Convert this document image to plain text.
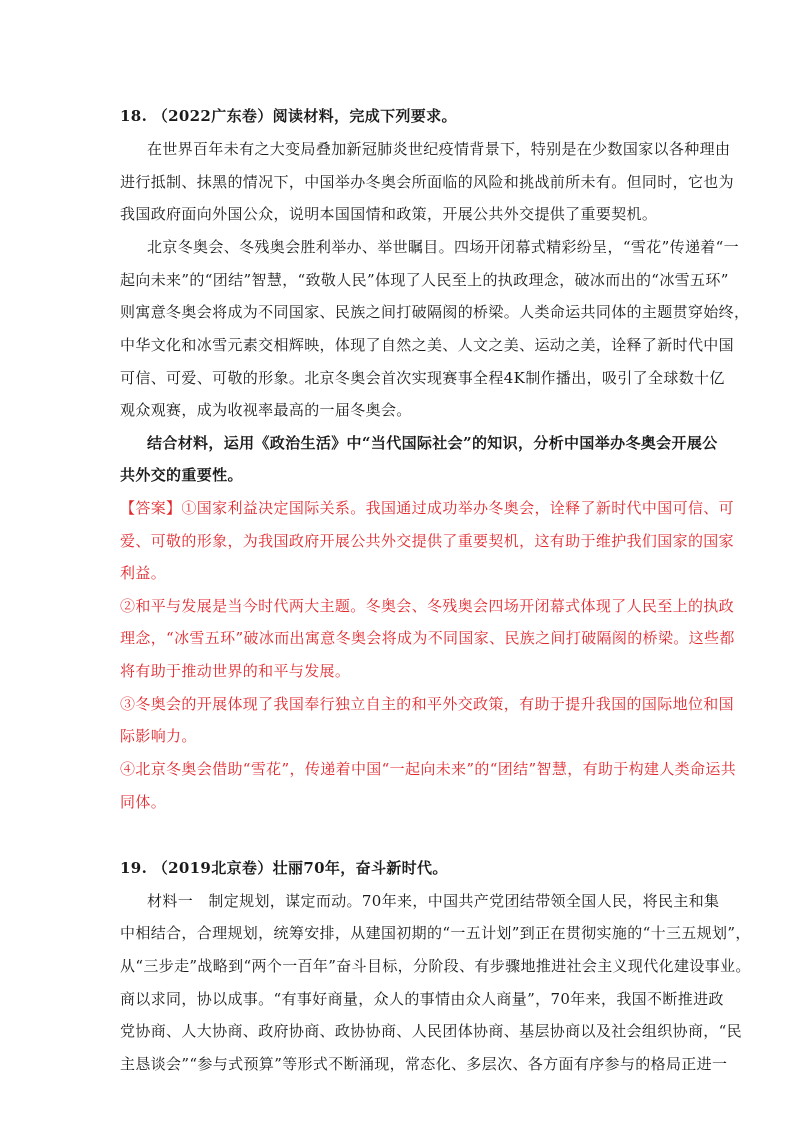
18. （2022广东卷）阅读材料，完成下列要求。
在世界百年未有之大变局叠加新冠肺炎世纪疫情背景下，特别是在少数国家以各种理由
进行抵制、抹黑的情况下，中国举办冬奥会所面临的风险和挑战前所未有。但同时，它也为
我国政府面向外国公众，说明本国国情和政策，开展公共外交提供了重要契机。
北京冬奥会、冬残奥会胜利举办、举世瞩目。四场开闭幕式精彩纷呈，“雪花”传递着“一
起向未来”的“团结”智慧，“致敬人民”体现了人民至上的执政理念，破冰而出的“冰雪五环”
则寓意冬奥会将成为不同国家、民族之间打破隔阂的桥梁。人类命运共同体的主题贯穿始终，
中华文化和冰雪元素交相辉映，体现了自然之美、人文之美、运动之美，诠释了新时代中国
可信、可爱、可敬的形象。北京冬奥会首次实现赛事全程4K制作播出，吸引了全球数十亿
观众观赛，成为收视率最高的一届冬奥会。
结合材料，运用《政治生活》中“当代国际社会”的知识，分析中国举办冬奥会开展公
共外交的重要性。
【答案】①国家利益决定国际关系。我国通过成功举办冬奥会，诠释了新时代中国可信、可
爱、可敬的形象，为我国政府开展公共外交提供了重要契机，这有助于维护我们国家的国家
利益。
②和平与发展是当今时代两大主题。冬奥会、冬残奥会四场开闭幕式体现了人民至上的执政
理念，“冰雪五环”破冰而出寓意冬奥会将成为不同国家、民族之间打破隔阂的桥梁。这些都
将有助于推动世界的和平与发展。
③冬奥会的开展体现了我国奉行独立自主的和平外交政策，有助于提升我国的国际地位和国
际影响力。
④北京冬奥会借助“雪花”，传递着中国“一起向未来”的“团结”智慧，有助于构建人类命运共
同体。
19. （2019北京卷）壮丽70年，奋斗新时代。
材料一　制定规划，谋定而动。70年来，中国共产党团结带领全国人民，将民主和集
中相结合，合理规划，统筹安排，从建国初期的“一五计划”到正在贯彻实施的“十三五规划”，
从“三步走”战略到“两个一百年”奋斗目标，分阶段、有步骤地推进社会主义现代化建设事业。
商以求同，协以成事。“有事好商量，众人的事情由众人商量”，70年来，我国不断推进政
党协商、人大协商、政府协商、政协协商、人民团体协商、基层协商以及社会组织协商，“民
主恳谈会”“参与式预算”等形式不断涌现，常态化、多层次、各方面有序参与的格局正进一
